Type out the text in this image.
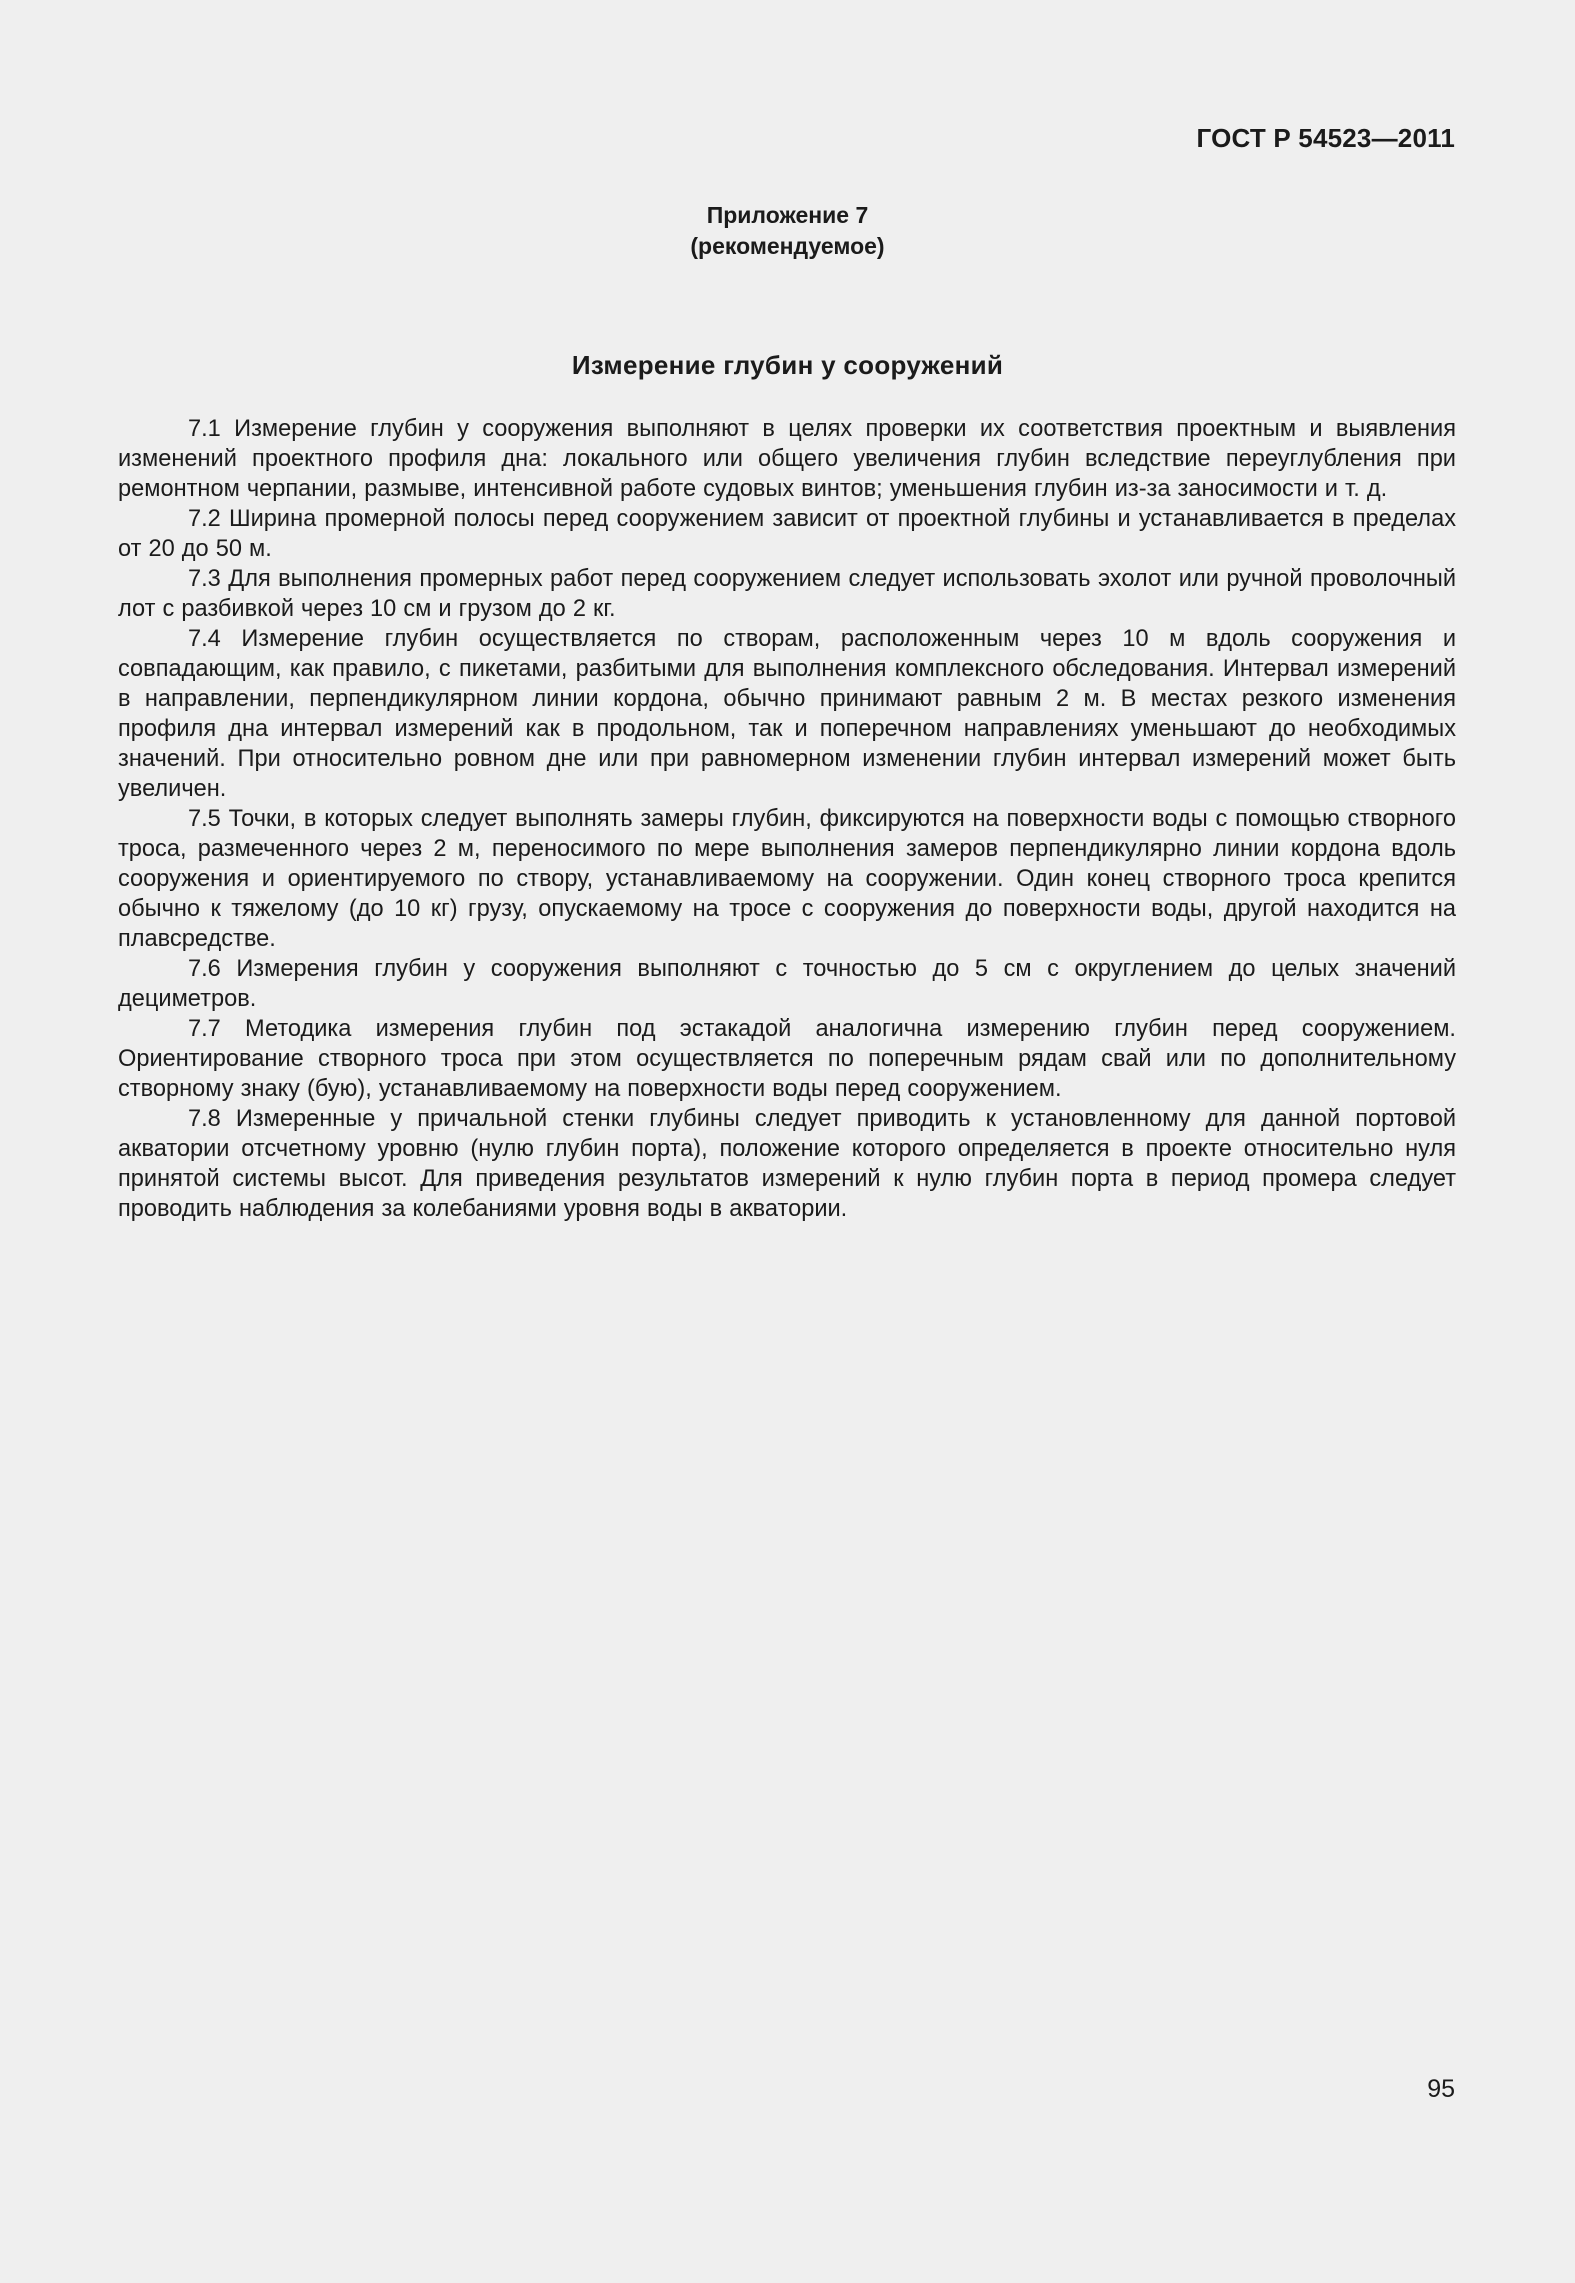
ГОСТ Р 54523—2011
Приложение 7
(рекомендуемое)
Измерение глубин у сооружений

7.1 Измерение глубин у сооружения выполняют в целях проверки их соответствия проектным и выявления изменений проектного профиля дна: локального или общего увеличения глубин вследствие переуглубления при ремонтном черпании, размыве, интенсивной работе судовых винтов; уменьшения глубин из-за заносимости и т. д.

7.2 Ширина промерной полосы перед сооружением зависит от проектной глубины и устанавливается в пределах от 20 до 50 м.

7.3 Для выполнения промерных работ перед сооружением следует использовать эхолот или ручной проволочный лот с разбивкой через 10 см и грузом до 2 кг.

7.4 Измерение глубин осуществляется по створам, расположенным через 10 м вдоль сооружения и совпадающим, как правило, с пикетами, разбитыми для выполнения комплексного обследования. Интервал измерений в направлении, перпендикулярном линии кордона, обычно принимают равным 2 м. В местах резкого изменения профиля дна интервал измерений как в продольном, так и поперечном направлениях уменьшают до необходимых значений. При относительно ровном дне или при равномерном изменении глубин интервал измерений может быть увеличен.

7.5 Точки, в которых следует выполнять замеры глубин, фиксируются на поверхности воды с помощью створного троса, размеченного через 2 м, переносимого по мере выполнения замеров перпендикулярно линии кордона вдоль сооружения и ориентируемого по створу, устанавливаемому на сооружении. Один конец створного троса крепится обычно к тяжелому (до 10 кг) грузу, опускаемому на тросе с сооружения до поверхности воды, другой находится на плавсредстве.

7.6 Измерения глубин у сооружения выполняют с точностью до 5 см с округлением до целых значений дециметров.

7.7 Методика измерения глубин под эстакадой аналогична измерению глубин перед сооружением. Ориентирование створного троса при этом осуществляется по поперечным рядам свай или по дополнительному створному знаку (бую), устанавливаемому на поверхности воды перед сооружением.

7.8 Измеренные у причальной стенки глубины следует приводить к установленному для данной портовой акватории отсчетному уровню (нулю глубин порта), положение которого определяется в проекте относительно нуля принятой системы высот. Для приведения результатов измерений к нулю глубин порта в период промера следует проводить наблюдения за колебаниями уровня воды в акватории.

95
